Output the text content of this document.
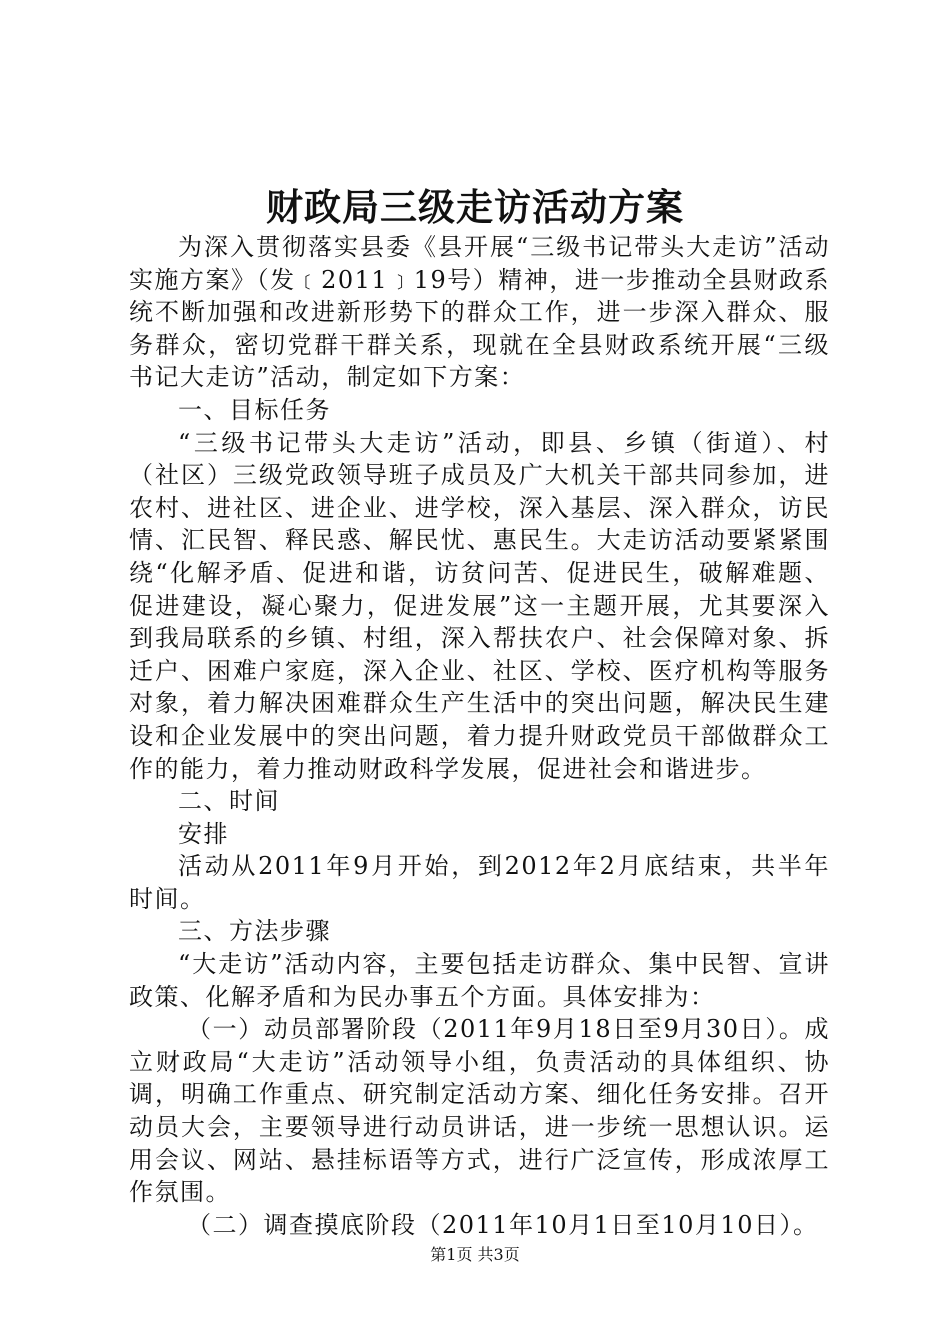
财政局三级走访活动方案

为深入贯彻落实县委《县开展“三级书记带头大走访”活动实施方案》（发﹝2011﹞19号）精神，进一步推动全县财政系统不断加强和改进新形势下的群众工作，进一步深入群众、服务群众，密切党群干群关系，现就在全县财政系统开展“三级书记大走访”活动，制定如下方案：

一、目标任务

“三级书记带头大走访”活动，即县、乡镇（街道）、村（社区）三级党政领导班子成员及广大机关干部共同参加，进农村、进社区、进企业、进学校，深入基层、深入群众，访民情、汇民智、释民惑、解民忧、惠民生。大走访活动要紧紧围绕“化解矛盾、促进和谐，访贫问苦、促进民生，破解难题、促进建设，凝心聚力，促进发展”这一主题开展，尤其要深入到我局联系的乡镇、村组，深入帮扶农户、社会保障对象、拆迁户、困难户家庭，深入企业、社区、学校、医疗机构等服务对象，着力解决困难群众生产生活中的突出问题，解决民生建设和企业发展中的突出问题，着力提升财政党员干部做群众工作的能力，着力推动财政科学发展，促进社会和谐进步。

二、时间

安排

活动从2011年9月开始，到2012年2月底结束，共半年时间。

三、方法步骤

“大走访”活动内容，主要包括走访群众、集中民智、宣讲政策、化解矛盾和为民办事五个方面。具体安排为：

（一）动员部署阶段（2011年9月18日至9月30日）。成立财政局“大走访”活动领导小组，负责活动的具体组织、协调，明确工作重点、研究制定活动方案、细化任务安排。召开动员大会，主要领导进行动员讲话，进一步统一思想认识。运用会议、网站、悬挂标语等方式，进行广泛宣传，形成浓厚工作氛围。

（二）调查摸底阶段（2011年10月1日至10月10日）。

第1页 共3页
